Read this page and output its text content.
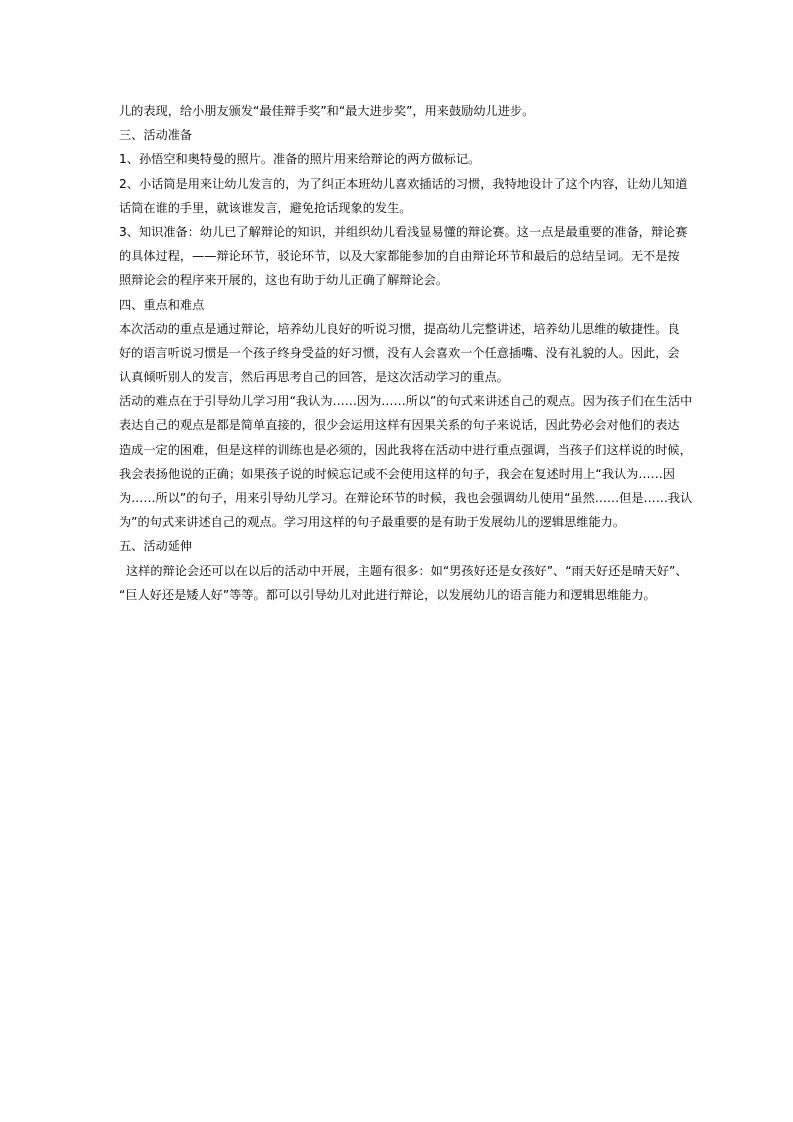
儿的表现，给小朋友颁发“最佳辩手奖”和“最大进步奖”，用来鼓励幼儿进步。
三、活动准备
1、孙悟空和奥特曼的照片。准备的照片用来给辩论的两方做标记。
2、小话筒是用来让幼儿发言的，为了纠正本班幼儿喜欢插话的习惯，我特地设计了这个内容，让幼儿知道
话筒在谁的手里，就该谁发言，避免抢话现象的发生。
3、知识准备：幼儿已了解辩论的知识，并组织幼儿看浅显易懂的辩论赛。这一点是最重要的准备，辩论赛
的具体过程，——辩论环节，驳论环节，以及大家都能参加的自由辩论环节和最后的总结呈词。无不是按
照辩论会的程序来开展的，这也有助于幼儿正确了解辩论会。
四、重点和难点
本次活动的重点是通过辩论，培养幼儿良好的听说习惯，提高幼儿完整讲述，培养幼儿思维的敏捷性。良
好的语言听说习惯是一个孩子终身受益的好习惯，没有人会喜欢一个任意插嘴、没有礼貌的人。因此，会
认真倾听别人的发言，然后再思考自己的回答，是这次活动学习的重点。
活动的难点在于引导幼儿学习用“我认为……因为……所以”的句式来讲述自己的观点。因为孩子们在生活中
表达自己的观点是都是简单直接的，很少会运用这样有因果关系的句子来说话，因此势必会对他们的表达
造成一定的困难，但是这样的训练也是必须的，因此我将在活动中进行重点强调，当孩子们这样说的时候，
我会表扬他说的正确；如果孩子说的时候忘记或不会使用这样的句子，我会在复述时用上“我认为……因
为……所以”的句子，用来引导幼儿学习。在辩论环节的时候，我也会强调幼儿使用“虽然……但是……我认
为”的句式来讲述自己的观点。学习用这样的句子最重要的是有助于发展幼儿的逻辑思维能力。
五、活动延伸
这样的辩论会还可以在以后的活动中开展，主题有很多：如“男孩好还是女孩好”、“雨天好还是晴天好”、
“巨人好还是矮人好”等等。都可以引导幼儿对此进行辩论，以发展幼儿的语言能力和逻辑思维能力。
